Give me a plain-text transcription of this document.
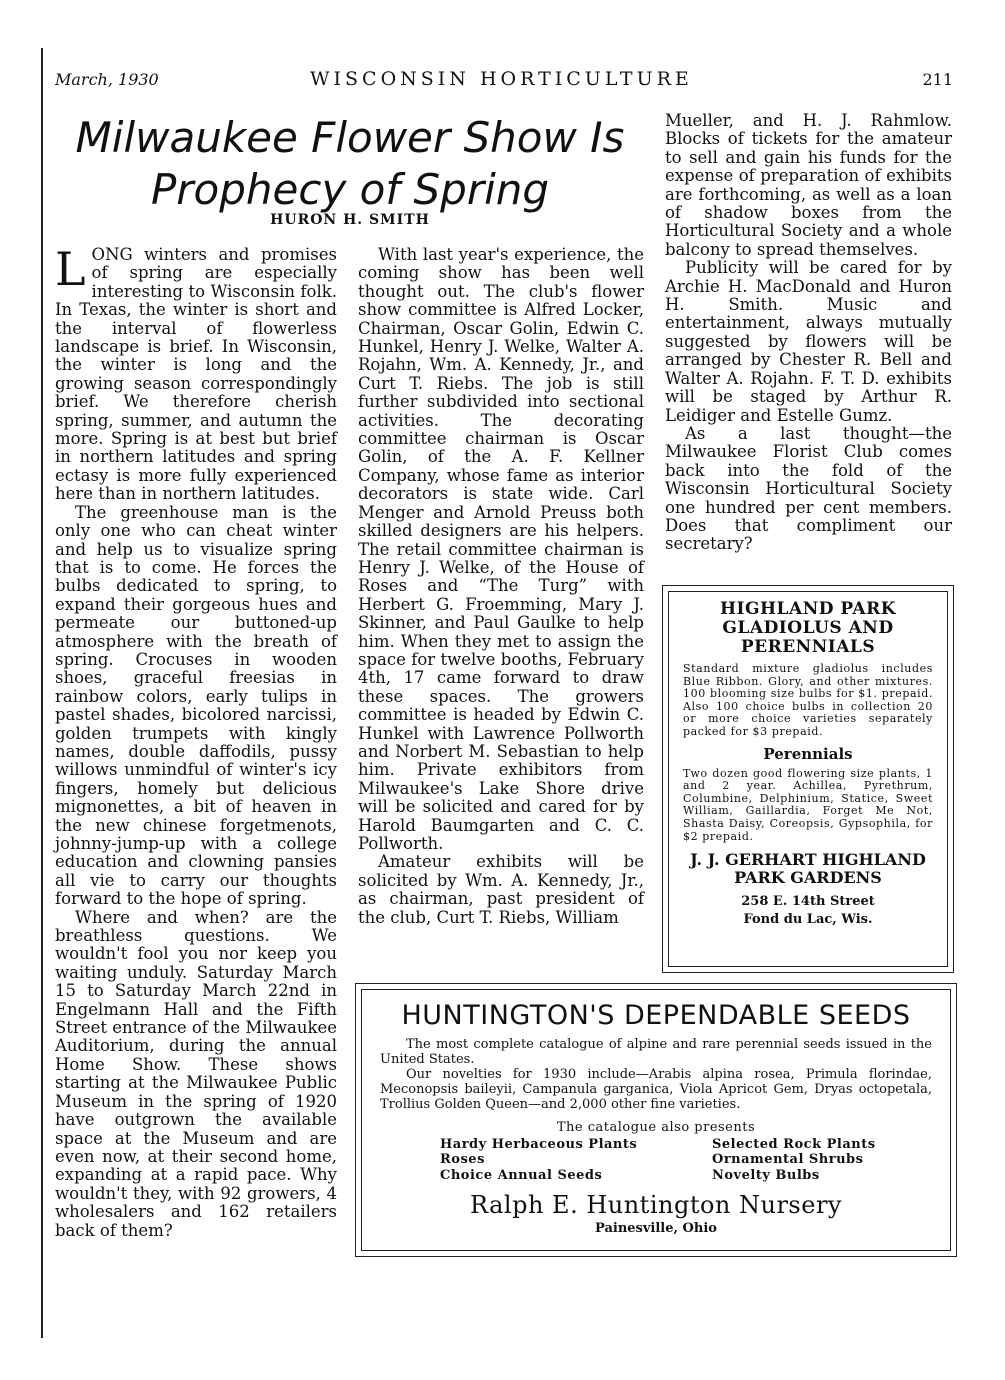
March, 1930	WISCONSIN HORTICULTURE	211
Milwaukee Flower Show Is
Prophecy of Spring
HURON H. SMITH

LONG winters and promises of spring are especially interesting to Wisconsin folk. In Texas, the winter is short and the interval of flowerless landscape is brief. In Wisconsin, the winter is long and the growing season correspondingly brief. We therefore cherish spring, summer, and autumn the more. Spring is at best but brief in northern latitudes and spring ectasy is more fully experienced here than in northern latitudes.

The greenhouse man is the only one who can cheat winter and help us to visualize spring that is to come. He forces the bulbs dedicated to spring, to expand their gorgeous hues and permeate our buttoned-up atmosphere with the breath of spring. Crocuses in wooden shoes, graceful freesias in rainbow colors, early tulips in pastel shades, bicolored narcissi, golden trumpets with kingly names, double daffodils, pussy willows unmindful of winter's icy fingers, homely but delicious mignonettes, a bit of heaven in the new chinese forgetmenots, johnny-jump-up with a college education and clowning pansies all vie to carry our thoughts forward to the hope of spring.

Where and when? are the breathless questions. We wouldn't fool you nor keep you waiting unduly. Saturday March 15 to Saturday March 22nd in Engelmann Hall and the Fifth Street entrance of the Milwaukee Auditorium, during the annual Home Show. These shows starting at the Milwaukee Public Museum in the spring of 1920 have outgrown the available space at the Museum and are even now, at their second home, expanding at a rapid pace. Why wouldn't they, with 92 growers, 4 wholesalers and 162 retailers back of them?

With last year's experience, the coming show has been well thought out. The club's flower show committee is Alfred Locker, Chairman, Oscar Golin, Edwin C. Hunkel, Henry J. Welke, Walter A. Rojahn, Wm. A. Kennedy, Jr., and Curt T. Riebs. The job is still further subdivided into sectional activities. The decorating committee chairman is Oscar Golin, of the A. F. Kellner Company, whose fame as interior decorators is state wide. Carl Menger and Arnold Preuss both skilled designers are his helpers. The retail committee chairman is Henry J. Welke, of the House of Roses and “The Turg” with Herbert G. Froemming, Mary J. Skinner, and Paul Gaulke to help him. When they met to assign the space for twelve booths, February 4th, 17 came forward to draw these spaces. The growers committee is headed by Edwin C. Hunkel with Lawrence Pollworth and Norbert M. Sebastian to help him. Private exhibitors from Milwaukee's Lake Shore drive will be solicited and cared for by Harold Baumgarten and C. C. Pollworth.

Amateur exhibits will be solicited by Wm. A. Kennedy, Jr., as chairman, past president of the club, Curt T. Riebs, William

Mueller, and H. J. Rahmlow. Blocks of tickets for the amateur to sell and gain his funds for the expense of preparation of exhibits are forthcoming, as well as a loan of shadow boxes from the Horticultural Society and a whole balcony to spread themselves.

Publicity will be cared for by Archie H. MacDonald and Huron H. Smith. Music and entertainment, always mutually suggested by flowers will be arranged by Chester R. Bell and Walter A. Rojahn. F. T. D. exhibits will be staged by Arthur R. Leidiger and Estelle Gumz.

As a last thought—the Milwaukee Florist Club comes back into the fold of the Wisconsin Horticultural Society one hundred per cent members. Does that compliment our secretary?

HIGHLAND PARK GLADIOLUS AND PERENNIALS
Standard mixture gladiolus includes Blue Ribbon. Glory, and other mixtures. 100 blooming size bulbs for $1. prepaid. Also 100 choice bulbs in collection 20 or more choice varieties separately packed for $3 prepaid.
Perennials
Two dozen good flowering size plants, 1 and 2 year. Achillea, Pyrethrum, Columbine, Delphinium, Statice, Sweet William, Gaillardia, Forget Me Not, Shasta Daisy, Coreopsis, Gypsophila, for $2 prepaid.
J. J. GERHART HIGHLAND PARK GARDENS
258 E. 14th Street
Fond du Lac, Wis.
HUNTINGTON'S DEPENDABLE SEEDS
The most complete catalogue of alpine and rare perennial seeds issued in the United States.
Our novelties for 1930 include—Arabis alpina rosea, Primula florindae, Meconopsis baileyii, Campanula garganica, Viola Apricot Gem, Dryas octopetala, Trollius Golden Queen—and 2,000 other fine varieties.
The catalogue also presents
Hardy Herbaceous Plants
Roses
Choice Annual Seeds
Selected Rock Plants
Ornamental Shrubs
Novelty Bulbs
Ralph E. Huntington Nursery
Painesville, Ohio
